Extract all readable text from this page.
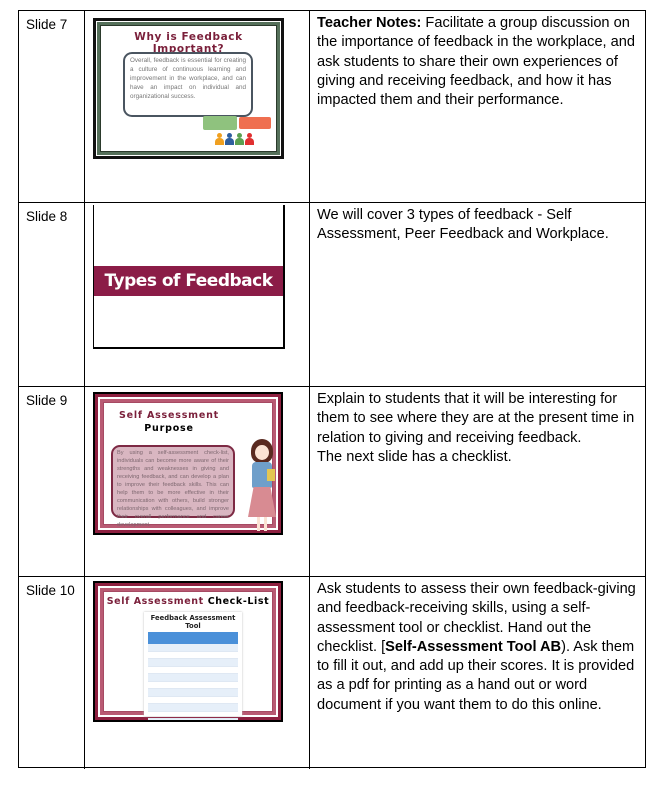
Slide 7
Why is Feedback Important?
Overall, feedback is essential for creating a culture of continuous learning and improvement in the workplace, and can have an impact on individual and organizational success.
Teacher Notes: Facilitate a group discussion on the importance of feedback in the workplace, and ask students to share their own experiences of giving and receiving feedback, and how it has impacted them and their performance.
Slide 8
Types of Feedback
We will cover 3 types of feedback - Self Assessment, Peer Feedback and Workplace.
Slide 9
Self Assessment
Purpose
By using a self-assessment check-list, individuals can become more aware of their strengths and weaknesses in giving and receiving feedback, and can develop a plan to improve their feedback skills. This can help them to be more effective in their communication with others, build stronger relationships with colleagues, and improve their overall performance and career development.
Explain to students that it will be interesting for them to see where they are at the present time in relation to giving and receiving feedback.
The next slide has a checklist.
Slide 10
Self Assessment Check-List
Feedback Assessment Tool
Ask students to assess their own feedback-giving and feedback-receiving skills, using a self-assessment tool or checklist. Hand out the checklist. [Self-Assessment Tool AB). Ask them to fill it out, and add up their scores. It is provided as a pdf for printing as a hand out or word document if you want them to do this online.
